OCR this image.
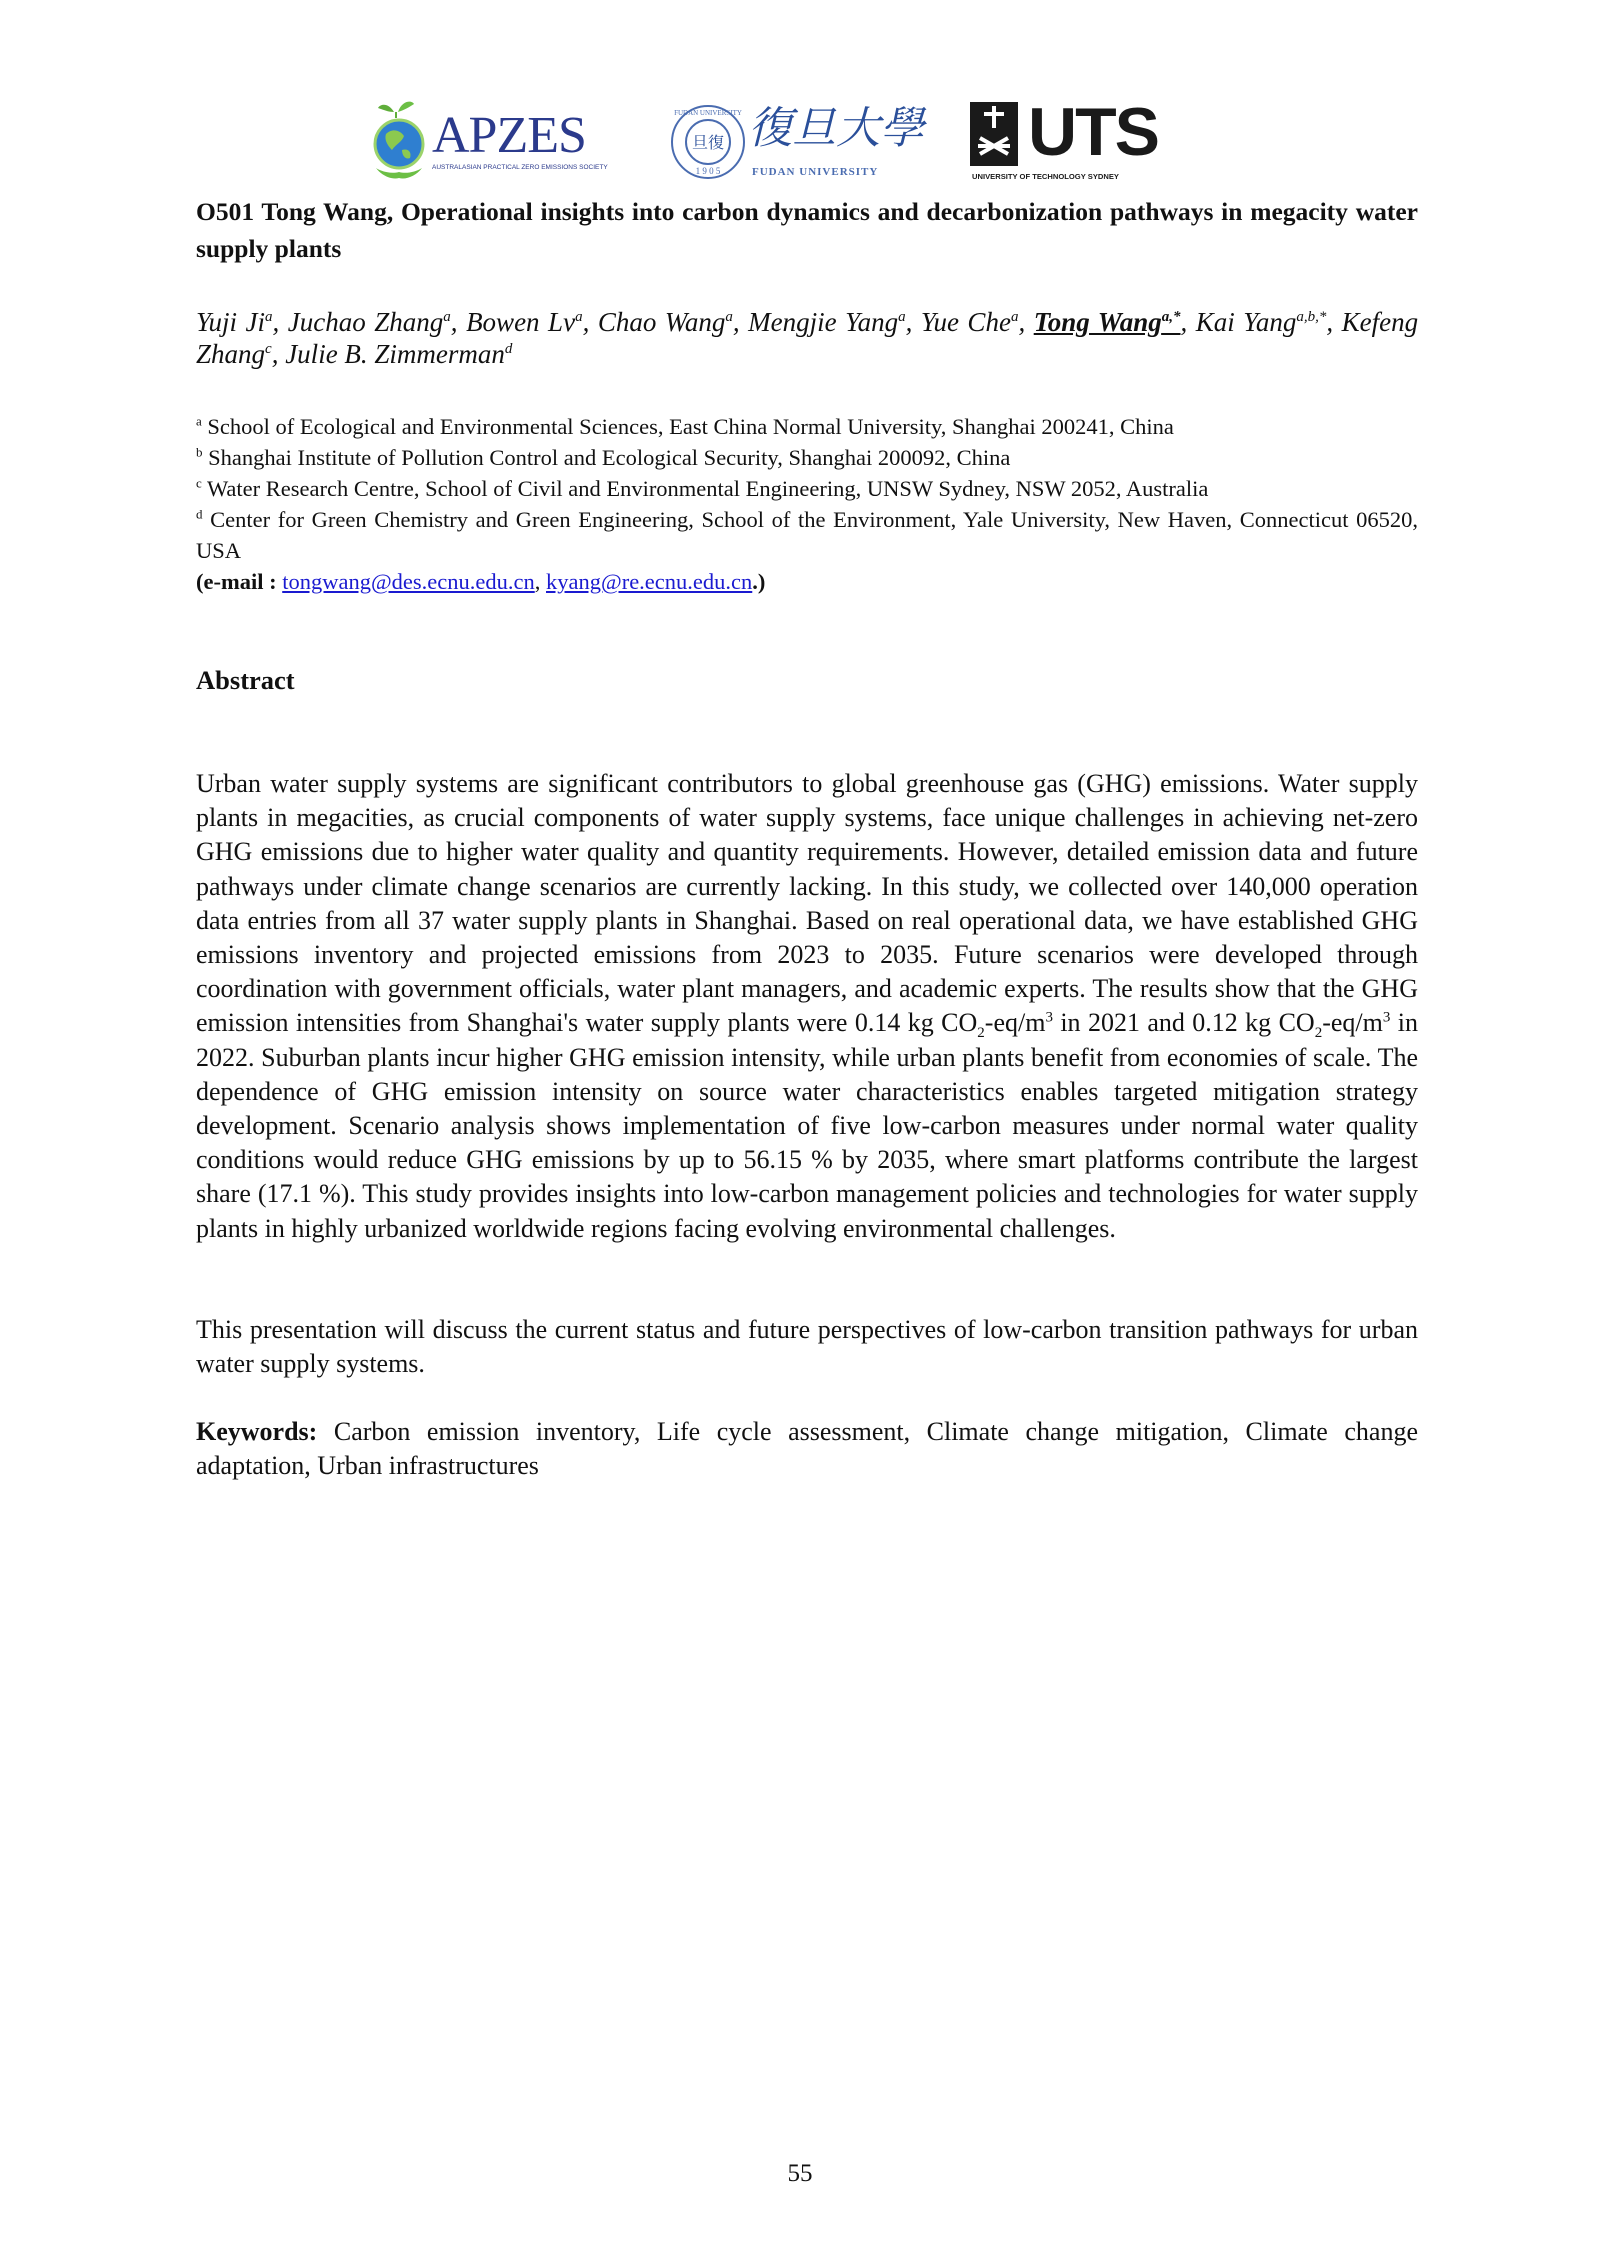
APZES
AUSTRALASIAN PRACTICAL ZERO EMISSIONS SOCIETY
旦復
1 9 0 5
FUDAN UNIVERSITY 復旦大學
FUDAN UNIVERSITY
UTS
UNIVERSITY OF TECHNOLOGY SYDNEY
O501 Tong Wang, Operational insights into carbon dynamics and decarbonization pathways in megacity water supply plants
Yuji Ji$^a$, Juchao Zhang$^a$, Bowen Lv$^a$, Chao Wang$^a$, Mengjie Yang$^a$, Yue Che$^a$, Tong Wang$^{a,*}$, Kai Yang$^{a,b,*}$, Kefeng Zhang$^c$, Julie B. Zimmerman$^d$
$^a$ School of Ecological and Environmental Sciences, East China Normal University, Shanghai 200241, China
$^b$ Shanghai Institute of Pollution Control and Ecological Security, Shanghai 200092, China
$^c$ Water Research Centre, School of Civil and Environmental Engineering, UNSW Sydney, NSW 2052, Australia
$^d$ Center for Green Chemistry and Green Engineering, School of the Environment, Yale University, New Haven, Connecticut 06520, USA
(e-mail : tongwang@des.ecnu.edu.cn, kyang@re.ecnu.edu.cn.)
Abstract

Urban water supply systems are significant contributors to global greenhouse gas (GHG) emissions. Water supply plants in megacities, as crucial components of water supply systems, face unique challenges in achieving net-zero GHG emissions due to higher water quality and quantity requirements. However, detailed emission data and future pathways under climate change scenarios are currently lacking. In this study, we collected over 140,000 operation data entries from all 37 water supply plants in Shanghai. Based on real operational data, we have established GHG emissions inventory and projected emissions from 2023 to 2035. Future scenarios were developed through coordination with government officials, water plant managers, and academic experts. The results show that the GHG emission intensities from Shanghai's water supply plants were 0.14 kg $CO_2-eq/m^3$ in 2021 and 0.12 kg $CO_2-eq/m^3$ in 2022. Suburban plants incur higher GHG emission intensity, while urban plants benefit from economies of scale. The dependence of GHG emission intensity on source water characteristics enables targeted mitigation strategy development. Scenario analysis shows implementation of five low-carbon measures under normal water quality conditions would reduce GHG emissions by up to 56.15 % by 2035, where smart platforms contribute the largest share (17.1 %). This study provides insights into low-carbon management policies and technologies for water supply plants in highly urbanized worldwide regions facing evolving environmental challenges.

This presentation will discuss the current status and future perspectives of low-carbon transition pathways for urban water supply systems.
Keywords: Carbon emission inventory, Life cycle assessment, Climate change mitigation, Climate change adaptation, Urban infrastructures
55
